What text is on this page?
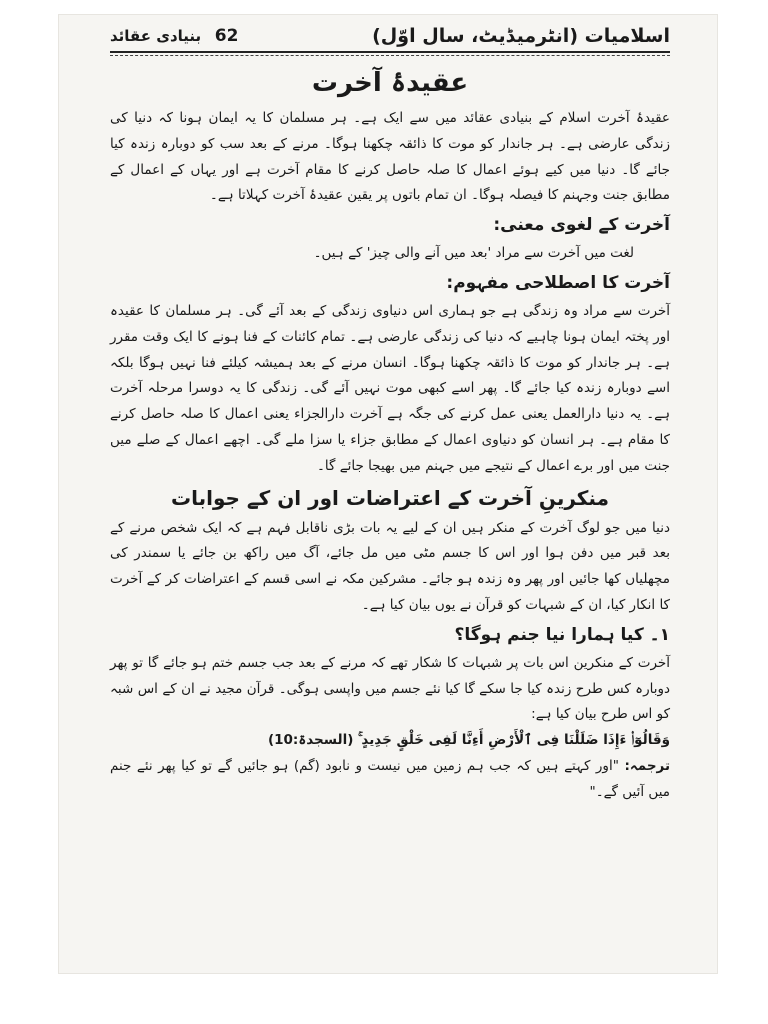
اسلامیات (انٹرمیڈیٹ، سال اوّل)
62
بنیادی عقائد
عقیدۂ آخرت

عقیدۂ آخرت اسلام کے بنیادی عقائد میں سے ایک ہے۔ ہر مسلمان کا یہ ایمان ہونا کہ دنیا کی زندگی عارضی ہے۔ ہر جاندار کو موت کا ذائقہ چکھنا ہوگا۔ مرنے کے بعد سب کو دوبارہ زندہ کیا جائے گا۔ دنیا میں کیے ہوئے اعمال کا صلہ حاصل کرنے کا مقام آخرت ہے اور یہاں کے اعمال کے مطابق جنت وجہنم کا فیصلہ ہوگا۔ ان تمام باتوں پر یقین عقیدۂ آخرت کہلاتا ہے۔

آخرت کے لغوی معنی:

لغت میں آخرت سے مراد 'بعد میں آنے والی چیز' کے ہیں۔

آخرت کا اصطلاحی مفہوم:

آخرت سے مراد وہ زندگی ہے جو ہماری اس دنیاوی زندگی کے بعد آئے گی۔ ہر مسلمان کا عقیدہ اور پختہ ایمان ہونا چاہیے کہ دنیا کی زندگی عارضی ہے۔ تمام کائنات کے فنا ہونے کا ایک وقت مقرر ہے۔ ہر جاندار کو موت کا ذائقہ چکھنا ہوگا۔ انسان مرنے کے بعد ہمیشہ کیلئے فنا نہیں ہوگا بلکہ اسے دوبارہ زندہ کیا جائے گا۔ پھر اسے کبھی موت نہیں آئے گی۔ زندگی کا یہ دوسرا مرحلہ آخرت ہے۔ یہ دنیا دارالعمل یعنی عمل کرنے کی جگہ ہے آخرت دارالجزاء یعنی اعمال کا صلہ حاصل کرنے کا مقام ہے۔ ہر انسان کو دنیاوی اعمال کے مطابق جزاء یا سزا ملے گی۔ اچھے اعمال کے صلے میں جنت میں اور برے اعمال کے نتیجے میں جہنم میں بھیجا جائے گا۔

منکرینِ آخرت کے اعتراضات اور ان کے جوابات

دنیا میں جو لوگ آخرت کے منکر ہیں ان کے لیے یہ بات بڑی ناقابل فہم ہے کہ ایک شخص مرنے کے بعد قبر میں دفن ہوا اور اس کا جسم مٹی میں مل جائے، آگ میں راکھ بن جائے یا سمندر کی مچھلیاں کھا جائیں اور پھر وہ زندہ ہو جائے۔ مشرکین مکہ نے اسی قسم کے اعتراضات کر کے آخرت کا انکار کیا، ان کے شبہات کو قرآن نے یوں بیان کیا ہے۔

۱۔ کیا ہمارا نیا جنم ہوگا؟

آخرت کے منکرین اس بات پر شبہات کا شکار تھے کہ مرنے کے بعد جب جسم ختم ہو جائے گا تو پھر دوبارہ کس طرح زندہ کیا جا سکے گا کیا نئے جسم میں واپسی ہوگی۔ قرآن مجید نے ان کے اس شبہ کو اس طرح بیان کیا ہے:

وَقَالُوٓا۟ ءَإِذَا ضَلَلْنَا فِى ٱلْأَرْضِ أَءِنَّا لَفِى خَلْقٍ جَدِيدٍ ۚ (السجدۃ:10)

ترجمہ: "اور کہتے ہیں کہ جب ہم زمین میں نیست و نابود (گم) ہو جائیں گے تو کیا پھر نئے جنم میں آئیں گے۔"
